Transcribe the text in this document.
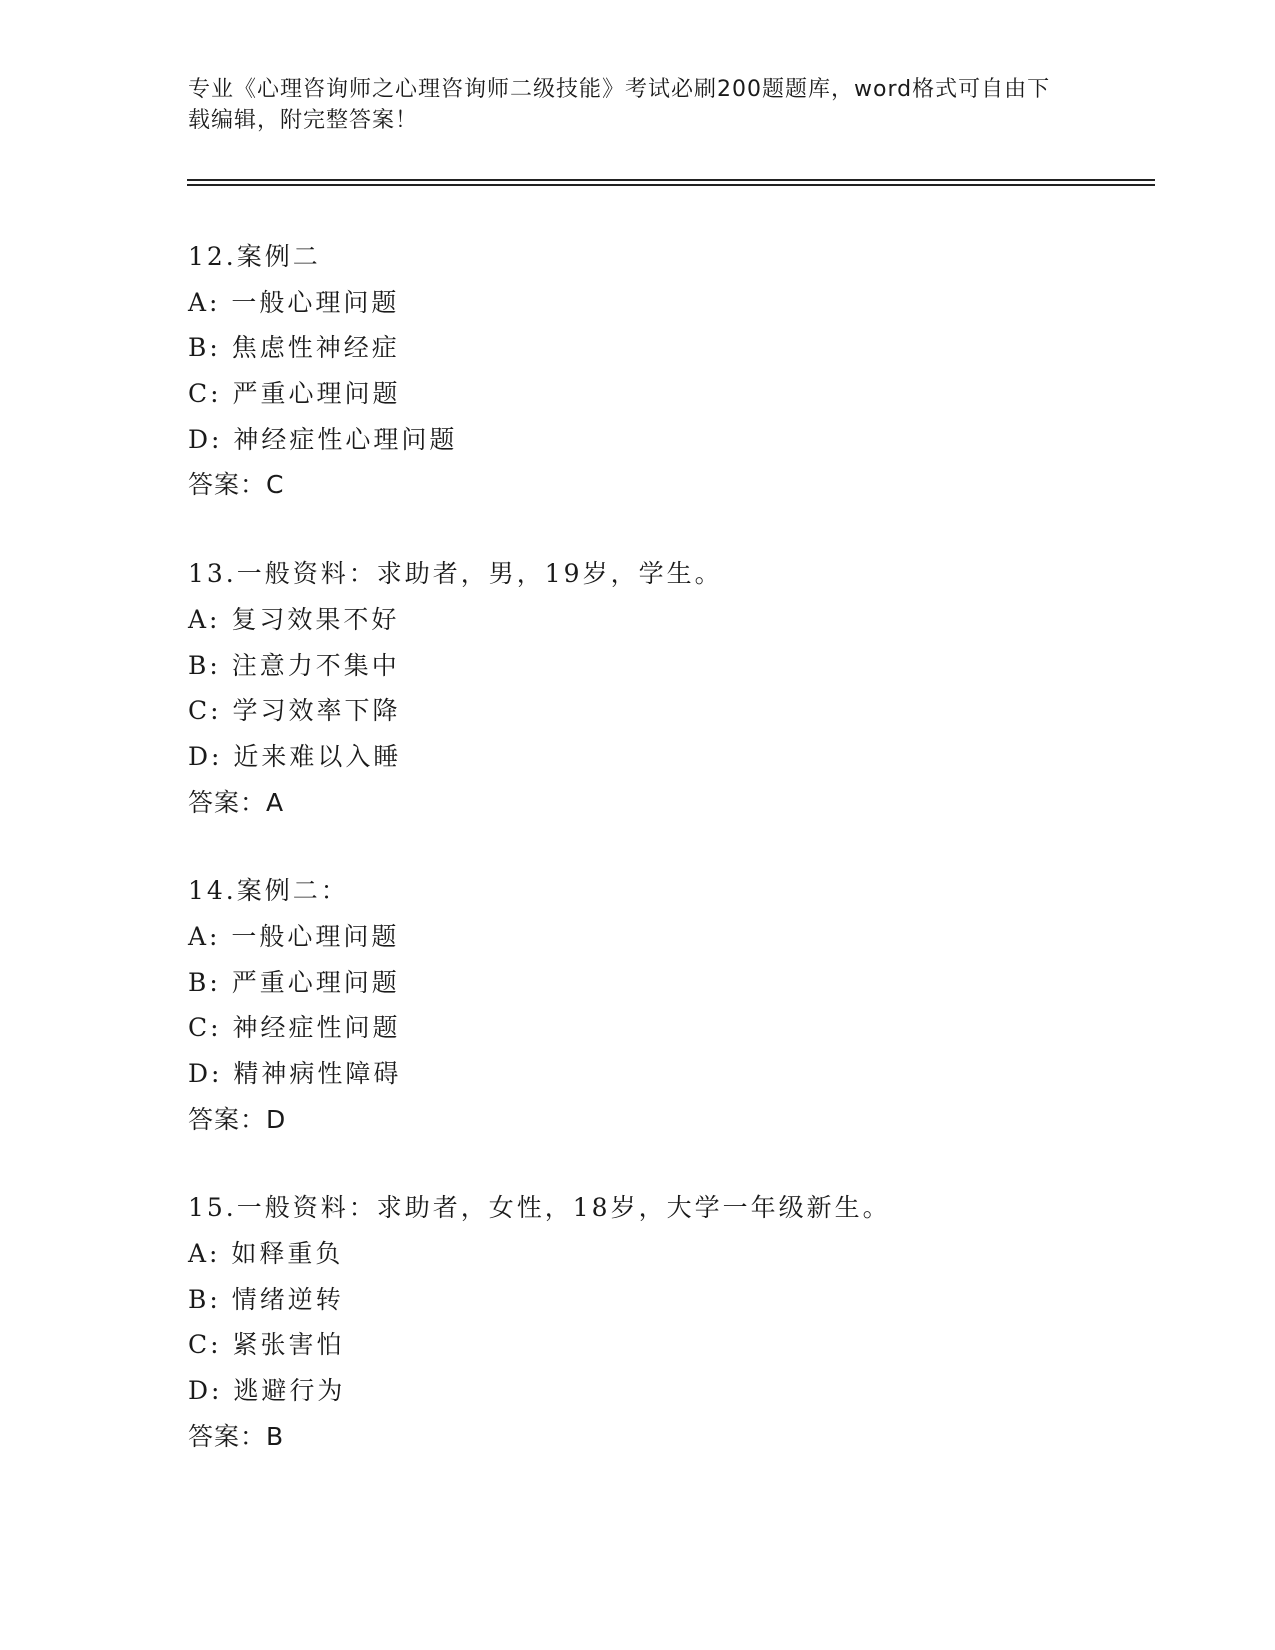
专业《心理咨询师之心理咨询师二级技能》考试必刷200题题库，word格式可自由下载编辑，附完整答案！
12.案例二
A: 一般心理问题
B: 焦虑性神经症
C: 严重心理问题
D: 神经症性心理问题
答案：C
13.一般资料：求助者，男，19岁，学生。
A: 复习效果不好
B: 注意力不集中
C: 学习效率下降
D: 近来难以入睡
答案：A
14.案例二：
A: 一般心理问题
B: 严重心理问题
C: 神经症性问题
D: 精神病性障碍
答案：D
15.一般资料：求助者，女性，18岁，大学一年级新生。
A: 如释重负
B: 情绪逆转
C: 紧张害怕
D: 逃避行为
答案：B
